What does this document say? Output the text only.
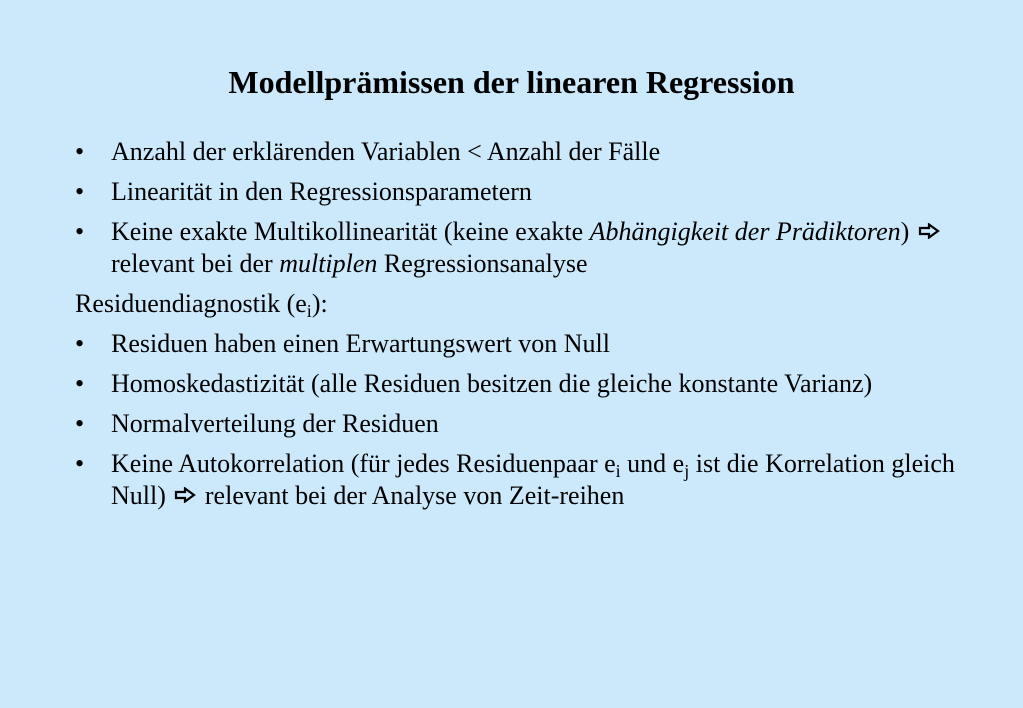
Modellprämissen der linearen Regression
• Anzahl der erklärenden Variablen < Anzahl der Fälle
• Linearität in den Regressionsparametern
• Keine exakte Multikollinearität (keine exakte Abhängigkeit der Prädiktoren)  relevant bei der multiplen Regressionsanalyse
Residuendiagnostik $(e_i)$:
• Residuen haben einen Erwartungswert von Null
• Homoskedastizität (alle Residuen besitzen die gleiche konstante Varianz)
• Normalverteilung der Residuen
• Keine Autokorrelation (für jedes Residuenpaar $e_i$ und $e_j$ ist die Korrelation gleich Null)  relevant bei der Analyse von Zeit-reihen
